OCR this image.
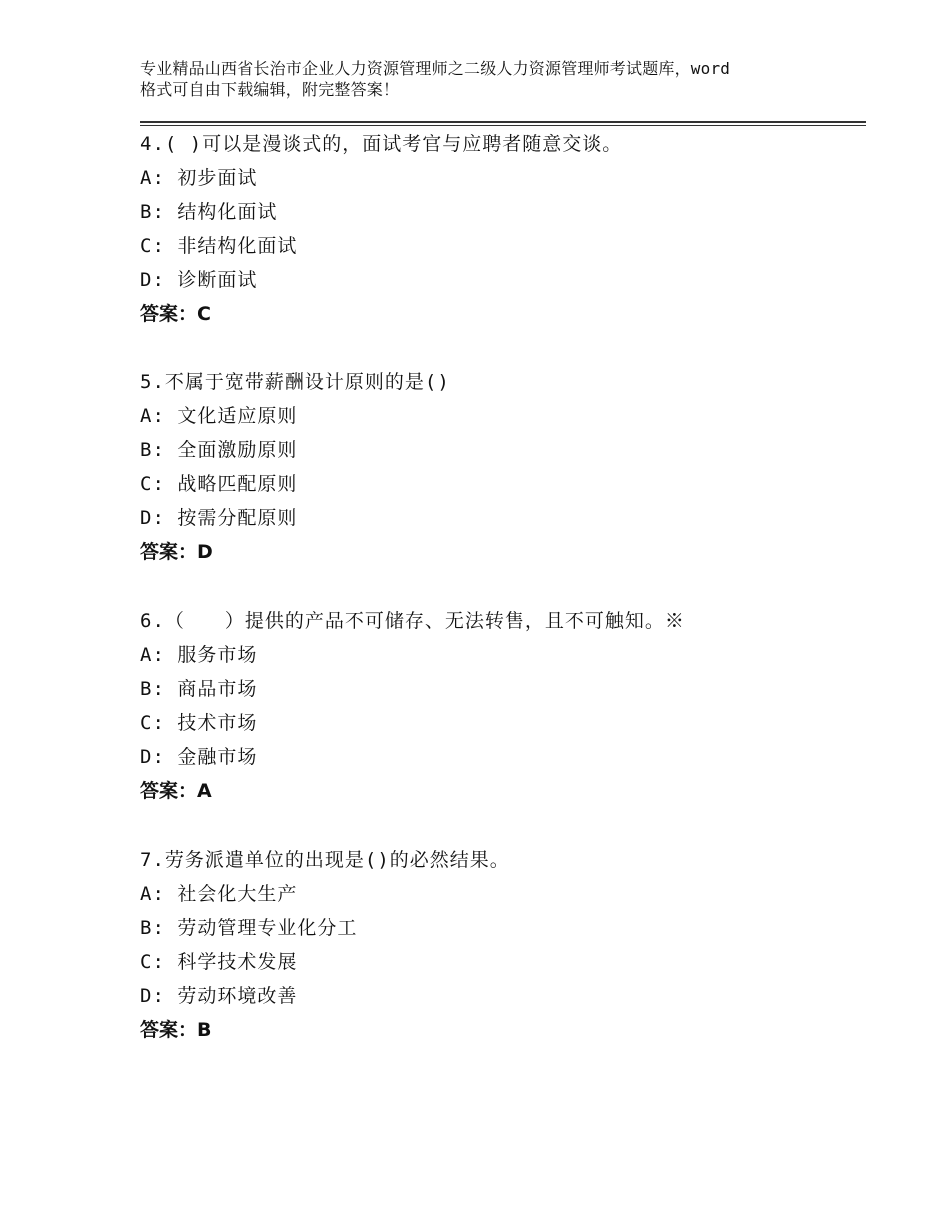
专业精品山西省长治市企业人力资源管理师之二级人力资源管理师考试题库，word
格式可自由下载编辑，附完整答案！
4.( )可以是漫谈式的，面试考官与应聘者随意交谈。
A: 初步面试
B: 结构化面试
C: 非结构化面试
D: 诊断面试
答案：C
5.不属于宽带薪酬设计原则的是()
A: 文化适应原则
B: 全面激励原则
C: 战略匹配原则
D: 按需分配原则
答案：D
6.（　　）提供的产品不可储存、无法转售，且不可触知。※
A: 服务市场
B: 商品市场
C: 技术市场
D: 金融市场
答案：A
7.劳务派遣单位的出现是()的必然结果。
A: 社会化大生产
B: 劳动管理专业化分工
C: 科学技术发展
D: 劳动环境改善
答案：B
